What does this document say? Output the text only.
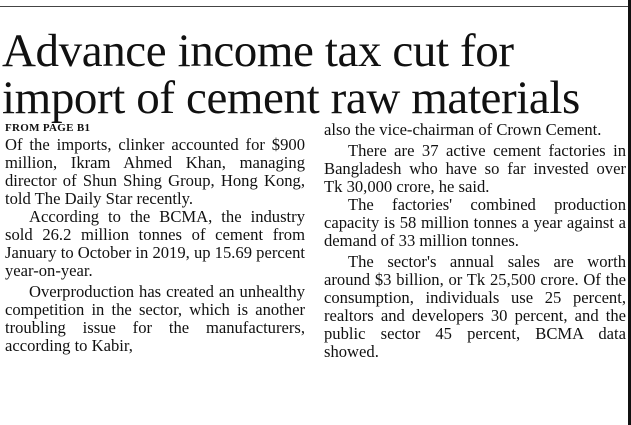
Advance income tax cut for
import of cement raw materials
FROM PAGE B1

Of the imports, clinker accounted for $900 million, Ikram Ahmed Khan, managing director of Shun Shing Group, Hong Kong, told The Daily Star recently.

According to the BCMA, the industry sold 26.2 million tonnes of cement from January to October in 2019, up 15.69 percent year-on-year.

Overproduction has created an unhealthy competition in the sector, which is another troubling issue for the manufacturers, according to Kabir,

also the vice-chairman of Crown Cement.

There are 37 active cement factories in Bangladesh who have so far invested over Tk 30,000 crore, he said.

The factories' combined production capacity is 58 million tonnes a year against a demand of 33 million tonnes.

The sector's annual sales are worth around $3 billion, or Tk 25,500 crore. Of the consumption, individuals use 25 percent, realtors and developers 30 percent, and the public sector 45 percent, BCMA data showed.
